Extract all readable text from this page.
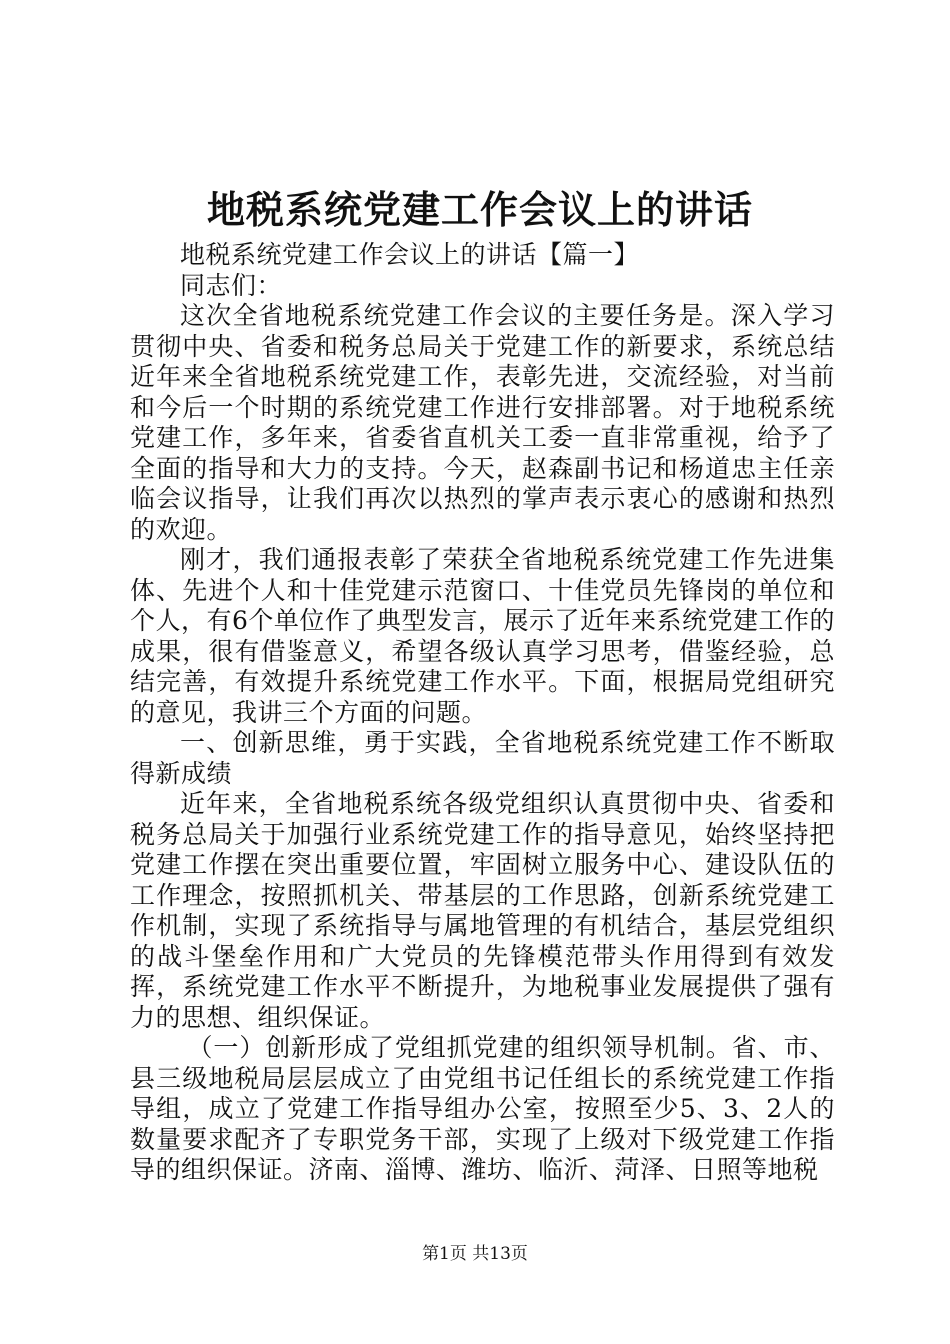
地税系统党建工作会议上的讲话

地税系统党建工作会议上的讲话【篇一】

同志们：

这次全省地税系统党建工作会议的主要任务是。深入学习贯彻中央、省委和税务总局关于党建工作的新要求，系统总结近年来全省地税系统党建工作，表彰先进，交流经验，对当前和今后一个时期的系统党建工作进行安排部署。对于地税系统党建工作，多年来，省委省直机关工委一直非常重视，给予了全面的指导和大力的支持。今天，赵森副书记和杨道忠主任亲临会议指导，让我们再次以热烈的掌声表示衷心的感谢和热烈的欢迎。

刚才，我们通报表彰了荣获全省地税系统党建工作先进集体、先进个人和十佳党建示范窗口、十佳党员先锋岗的单位和个人，有6个单位作了典型发言，展示了近年来系统党建工作的成果，很有借鉴意义，希望各级认真学习思考，借鉴经验，总结完善，有效提升系统党建工作水平。下面，根据局党组研究的意见，我讲三个方面的问题。

一、创新思维，勇于实践，全省地税系统党建工作不断取得新成绩

近年来，全省地税系统各级党组织认真贯彻中央、省委和税务总局关于加强行业系统党建工作的指导意见，始终坚持把党建工作摆在突出重要位置，牢固树立服务中心、建设队伍的工作理念，按照抓机关、带基层的工作思路，创新系统党建工作机制，实现了系统指导与属地管理的有机结合，基层党组织的战斗堡垒作用和广大党员的先锋模范带头作用得到有效发挥，系统党建工作水平不断提升，为地税事业发展提供了强有力的思想、组织保证。

（一）创新形成了党组抓党建的组织领导机制。省、市、县三级地税局层层成立了由党组书记任组长的系统党建工作指导组，成立了党建工作指导组办公室，按照至少5、3、2人的数量要求配齐了专职党务干部，实现了上级对下级党建工作指导的组织保证。济南、淄博、潍坊、临沂、菏泽、日照等地税

第1页 共13页
